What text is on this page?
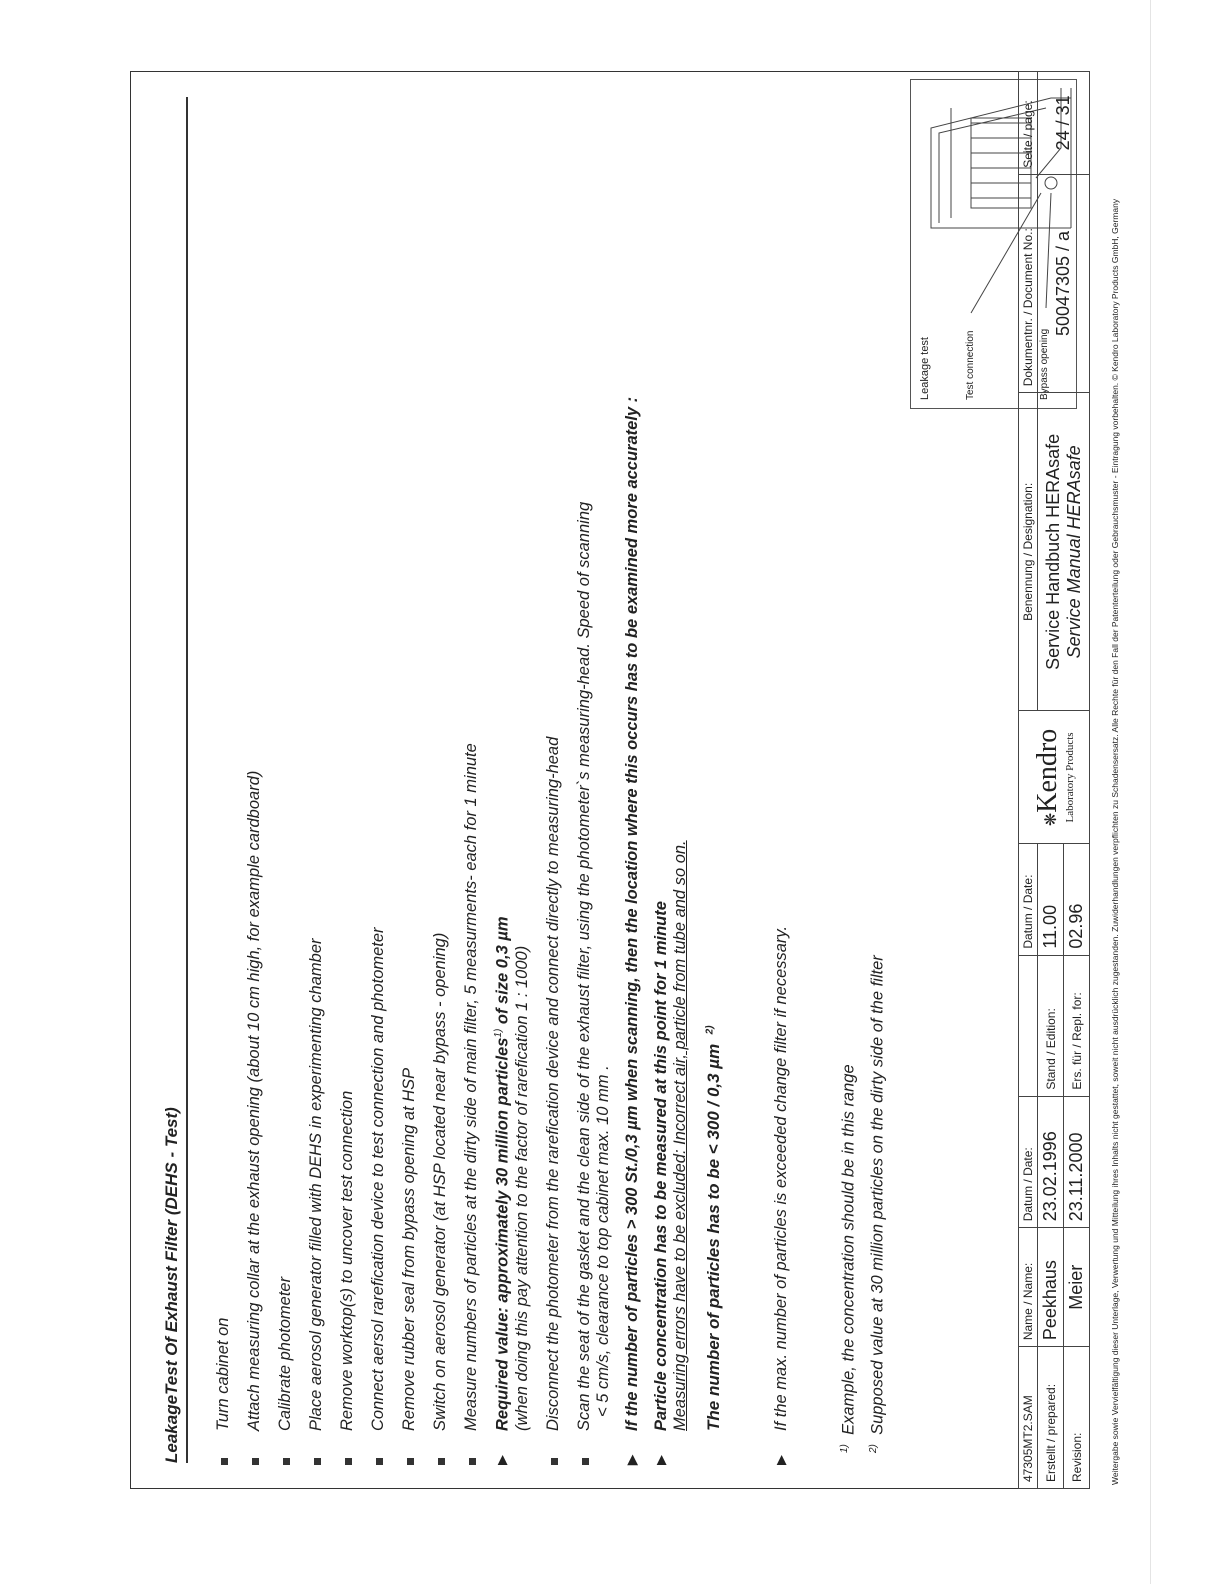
LeakageTest Of Exhaust Filter (DEHS - Test) Turn cabinet on Attach measuring collar at the exhaust opening (about 10 cm high, for example cardboard) Calibrate photometer Place aerosol generator filled with DEHS in experimenting chamber Remove worktop(s) to uncover test connection Connect aersol rarefication device to test connection and photometer Remove rubber seal from bypass opening at HSP Switch on aerosol generator (at HSP located near bypass - opening) Measure numbers of particles at the dirty side of main filter, 5 measurments- each for 1 minute
▶
Required value: approximately 30 million particles$^{1)}$ of size 0,3 µm (when doing this pay attention to the factor of rarefication 1 : 1000) Disconnect the photometer from the rarefication device and connect directly to measuring-head Scan the seat of the gasket and the clean side of the exhaust filter, using the photometer`s measuring-head. Speed of scanning < 5 cm/s, clearance to top cabinet max. 10 mm .
▶
If the number of particles > 300 St./0,3 µm when scanning, then the location where this occurs has to be examined more accurately :
▶
Particle concentration has to be measured at this point for 1 minute Measuring errors have to be excluded: Incorrect air, particle from tube and so on. The number of particles has to be < 300 / 0,3 µm  $^{2)}$
▶
If the max. number of particles is exceeded change filter if necessary.
$^{1)}$  Example, the concentration should be in this range
$^{2)}$  Supposed value at 30 million particles on the dirty side of the filter
Leakage test	Test connection	Bypass opening
47305MT2.SAM	Name / Name:	Datum / Date:		Datum / Date:	❋Kendro Laboratory Products	Benennung / Designation:	Dokumentnr. / Document No.:	Seite / page:
Erstellt / prepared:	Peekhaus	23.02.1996	Stand / Edition:	11.00		Service Handbuch HERAsafe Service Manual HERAsafe	50047305 / a	24 / 31
Revision:	Meier	23.11.2000	Ers. für / Repl. for:	02.96					Weitergabe sowie Vervielfältigung dieser Unterlage, Verwertung und Mitteilung ihres Inhalts nicht gestattet, soweit nicht ausdrücklich zugestanden. Zuwiderhandlungen verpflichten zu Schadensersatz. Alle Rechte für den Fall der Patenterteilung oder Gebrauchsmuster - Eintragung vorbehalten. © Kendro Laboratory Products GmbH, Germany
